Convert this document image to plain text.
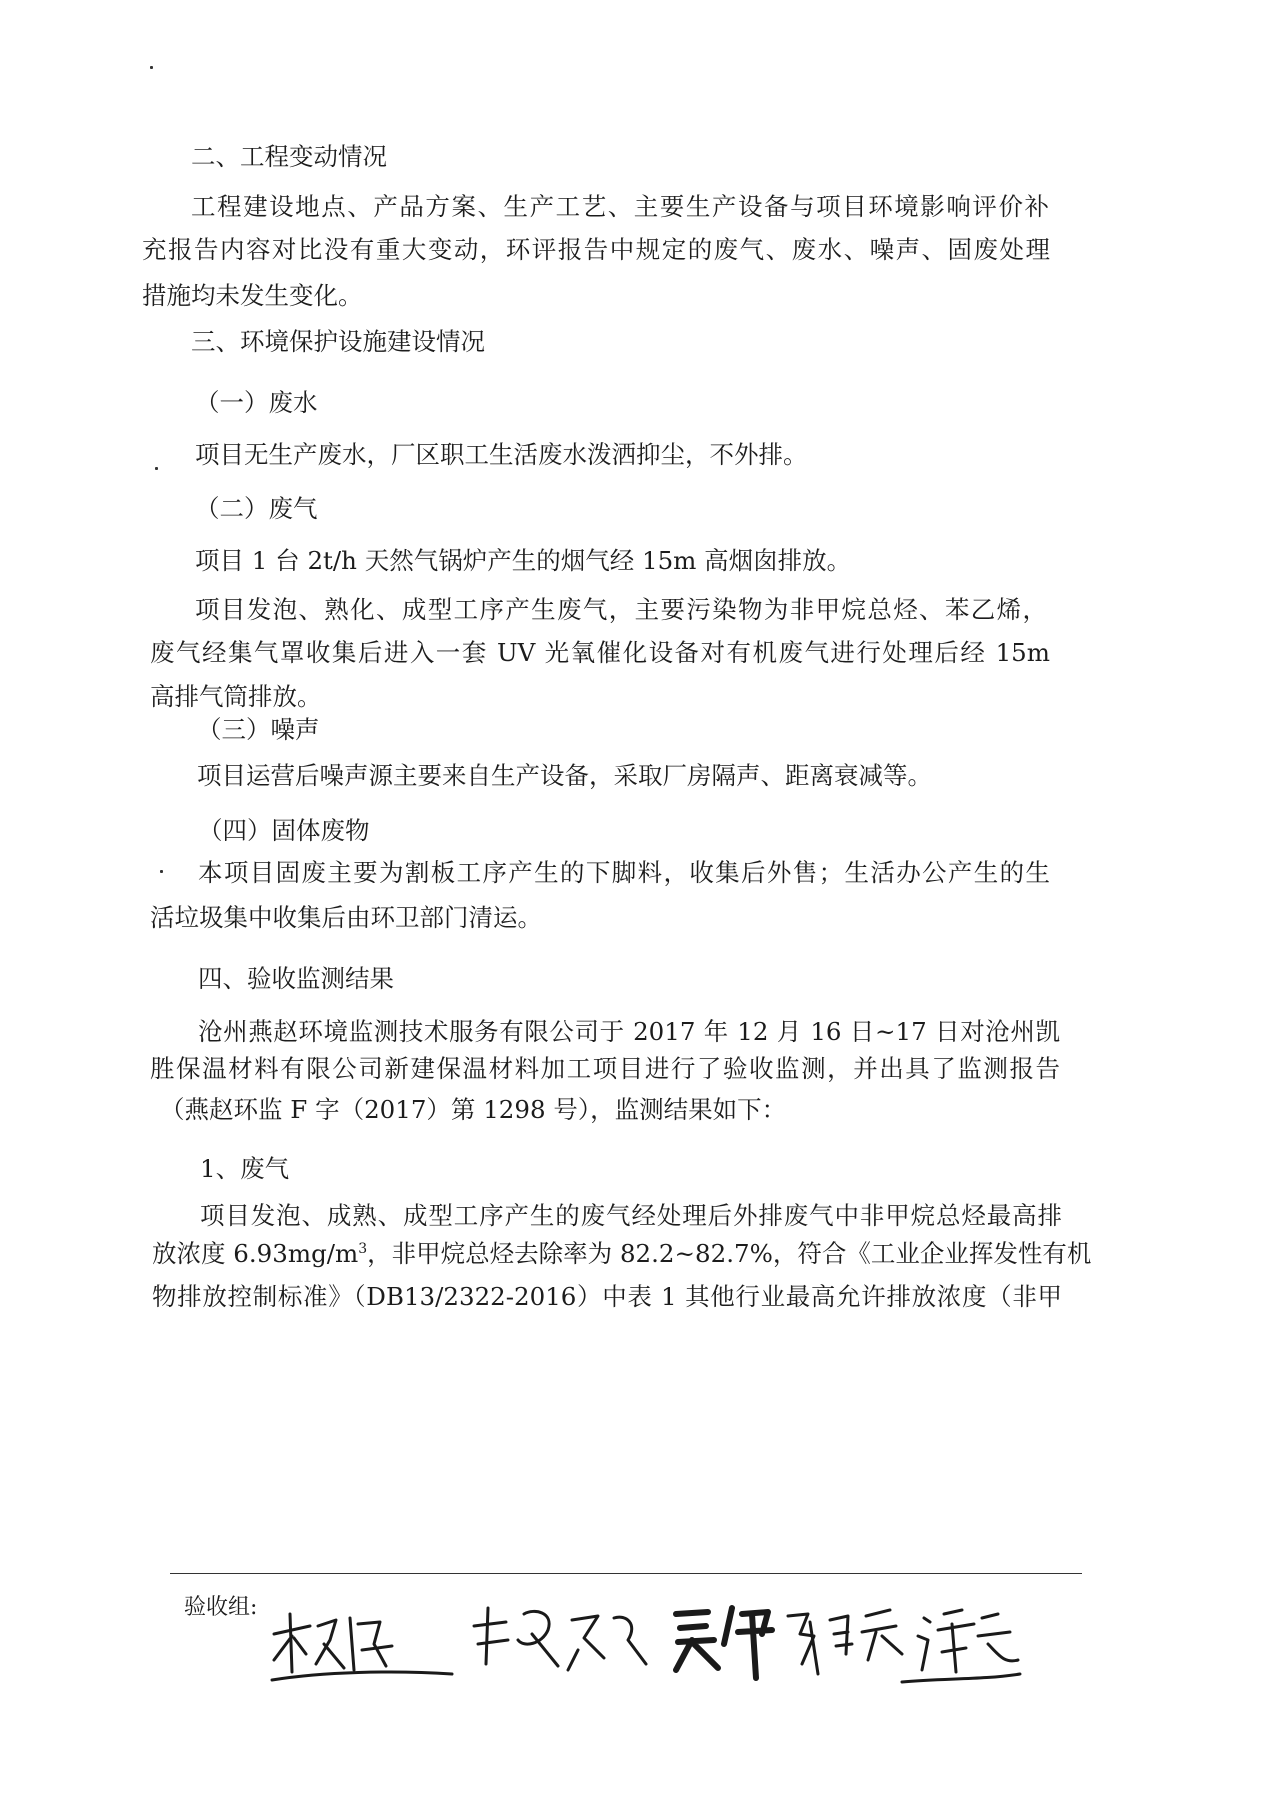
二、工程变动情况
工程建设地点、产品方案、生产工艺、主要生产设备与项目环境影响评价补
充报告内容对比没有重大变动，环评报告中规定的废气、废水、噪声、固废处理
措施均未发生变化。
三、环境保护设施建设情况
（一）废水
项目无生产废水，厂区职工生活废水泼洒抑尘，不外排。
（二）废气
项目 1 台 2t/h 天然气锅炉产生的烟气经 15m 高烟囱排放。
项目发泡、熟化、成型工序产生废气，主要污染物为非甲烷总烃、苯乙烯，
废气经集气罩收集后进入一套 UV 光氧催化设备对有机废气进行处理后经 15m
高排气筒排放。
（三）噪声
项目运营后噪声源主要来自生产设备，采取厂房隔声、距离衰减等。
（四）固体废物
本项目固废主要为割板工序产生的下脚料，收集后外售；生活办公产生的生
活垃圾集中收集后由环卫部门清运。
四、验收监测结果
沧州燕赵环境监测技术服务有限公司于 2017 年 12 月 16 日~17 日对沧州凯
胜保温材料有限公司新建保温材料加工项目进行了验收监测，并出具了监测报告
（燕赵环监 F 字（2017）第 1298 号），监测结果如下：
1、废气
项目发泡、成熟、成型工序产生的废气经处理后外排废气中非甲烷总烃最高排
放浓度 $6.93mg/m^3$，非甲烷总烃去除率为 82.2~82.7%，符合《工业企业挥发性有机
物排放控制标准》（DB13/2322-2016）中表 1 其他行业最高允许排放浓度（非甲
验收组:
